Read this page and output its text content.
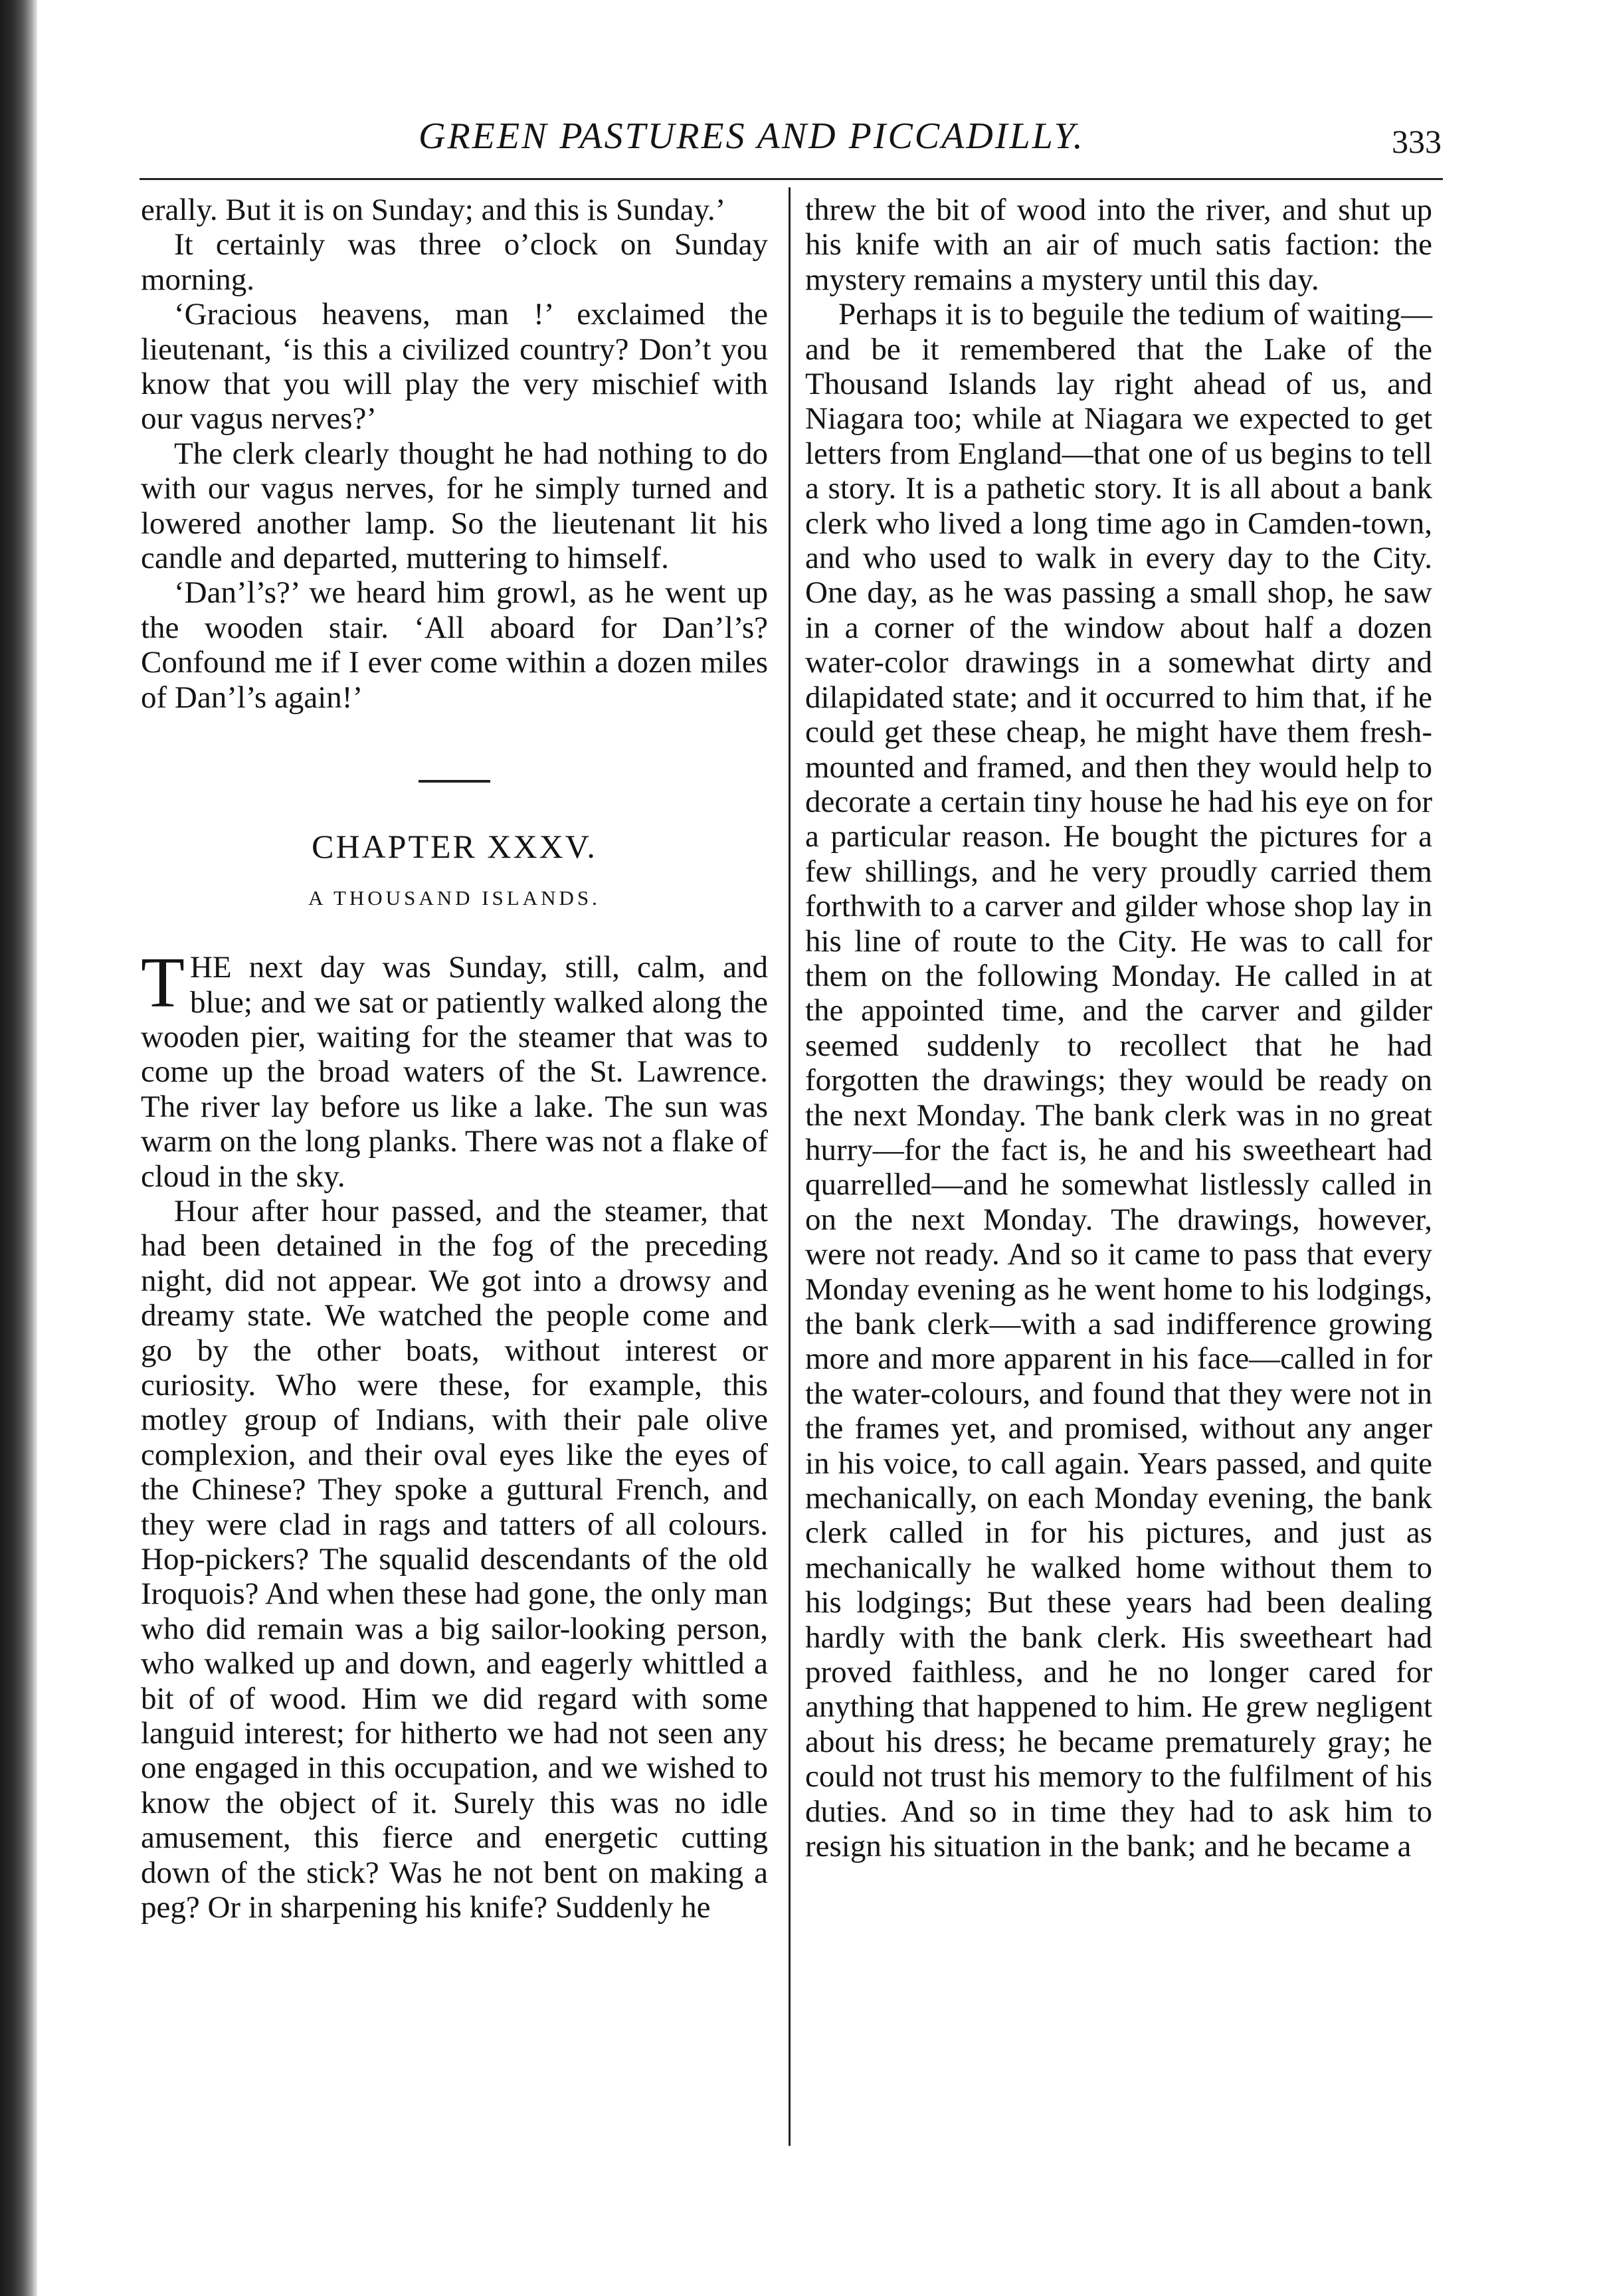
GREEN PASTURES AND PICCADILLY.	333

erally. But it is on Sunday; and this is Sunday.’

It certainly was three o’clock on Sunday morning.

‘Gracious heavens, man !’ exclaimed the lieutenant, ‘is this a civilized country? Don’t you know that you will play the very mischief with our vagus nerves?’

The clerk clearly thought he had nothing to do with our vagus nerves, for he simply turned and lowered another lamp. So the lieutenant lit his candle and departed, muttering to himself.

‘Dan’l’s?’ we heard him growl, as he went up the wooden stair. ‘All aboard for Dan’l’s? Confound me if I ever come within a dozen miles of Dan’l’s again!’

CHAPTER XXXV.
A THOUSAND ISLANDS.

THE next day was Sunday, still, calm, and blue; and we sat or patiently walked along the wooden pier, waiting for the steamer that was to come up the broad waters of the St. Lawrence. The river lay before us like a lake. The sun was warm on the long planks. There was not a flake of cloud in the sky.

Hour after hour passed, and the steamer, that had been detained in the fog of the preceding night, did not appear. We got into a drowsy and dreamy state. We watched the people come and go by the other boats, without interest or curiosity. Who were these, for example, this motley group of Indians, with their pale olive complexion, and their oval eyes like the eyes of the Chinese? They spoke a guttural French, and they were clad in rags and tatters of all colours. Hop-pickers? The squalid descendants of the old Iroquois? And when these had gone, the only man who did remain was a big sailor-looking person, who walked up and down, and eagerly whittled a bit of of wood. Him we did regard with some languid interest; for hitherto we had not seen any one engaged in this occupation, and we wished to know the object of it. Surely this was no idle amusement, this fierce and energetic cutting down of the stick? Was he not bent on making a peg? Or in sharpening his knife? Suddenly he

threw the bit of wood into the river, and shut up his knife with an air of much satis faction: the mystery remains a mystery until this day.

Perhaps it is to beguile the tedium of waiting—and be it remembered that the Lake of the Thousand Islands lay right ahead of us, and Niagara too; while at Niagara we expected to get letters from England—that one of us begins to tell a story. It is a pathetic story. It is all about a bank clerk who lived a long time ago in Camden-town, and who used to walk in every day to the City. One day, as he was passing a small shop, he saw in a corner of the window about half a dozen water-color drawings in a somewhat dirty and dilapidated state; and it occurred to him that, if he could get these cheap, he might have them fresh-mounted and framed, and then they would help to decorate a certain tiny house he had his eye on for a particular reason. He bought the pictures for a few shillings, and he very proudly carried them forthwith to a carver and gilder whose shop lay in his line of route to the City. He was to call for them on the following Monday. He called in at the appointed time, and the carver and gilder seemed suddenly to recollect that he had forgotten the drawings; they would be ready on the next Monday. The bank clerk was in no great hurry—for the fact is, he and his sweetheart had quarrelled—and he somewhat listlessly called in on the next Monday. The drawings, however, were not ready. And so it came to pass that every Monday evening as he went home to his lodgings, the bank clerk—with a sad indifference growing more and more apparent in his face—called in for the water-colours, and found that they were not in the frames yet, and promised, without any anger in his voice, to call again. Years passed, and quite mechanically, on each Monday evening, the bank clerk called in for his pictures, and just as mechanically he walked home without them to his lodgings; But these years had been dealing hardly with the bank clerk. His sweetheart had proved faithless, and he no longer cared for anything that happened to him. He grew negligent about his dress; he became prematurely gray; he could not trust his memory to the fulfilment of his duties. And so in time they had to ask him to resign his situation in the bank; and he became a
